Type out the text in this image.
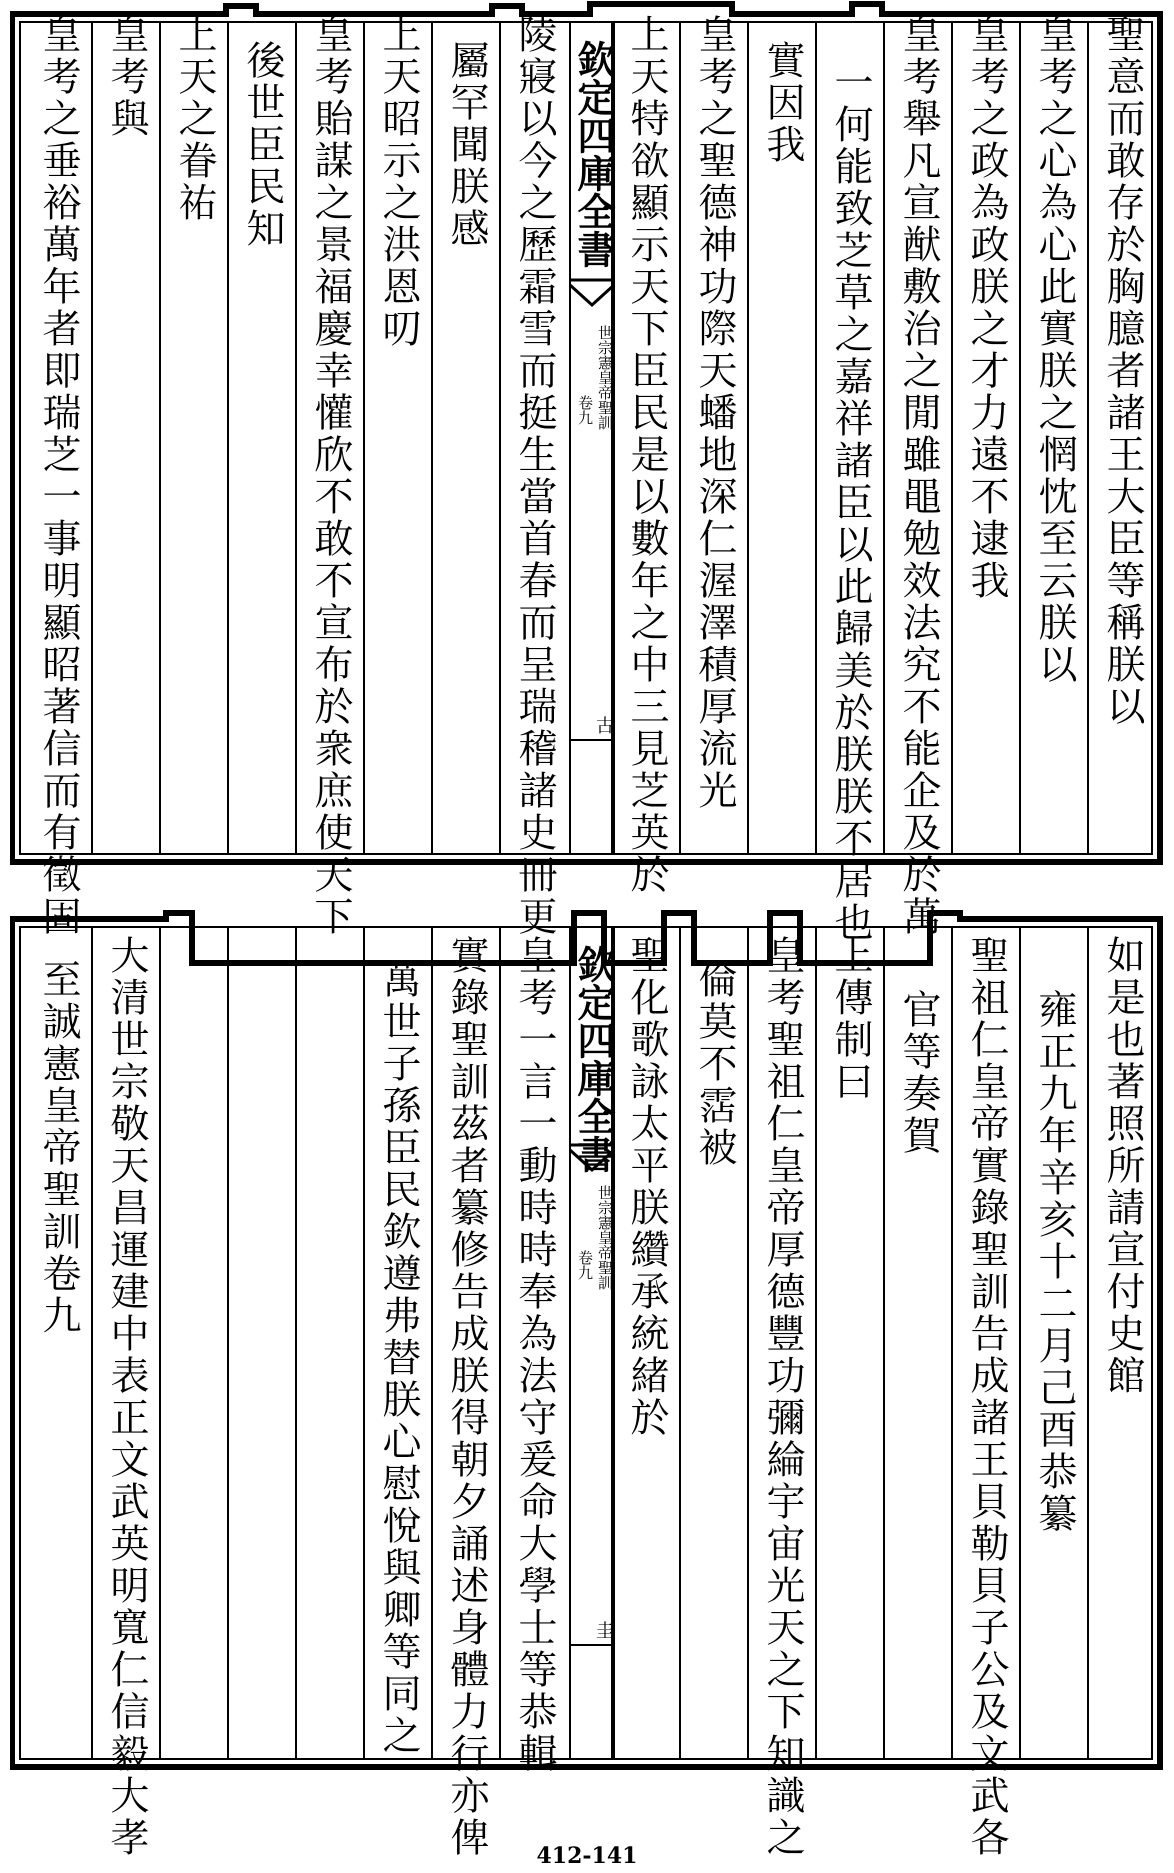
欽定四庫全書
世宗憲皇帝聖訓
卷九
古	聖意而敢存於胸臆者諸王大臣等稱朕以
皇考之心為心此實朕之惘忱至云朕以
皇考之政為政朕之才力遠不逮我
皇考舉凡宣猷敷治之閒雖黽勉效法究不能企及於萬
一何能致芝草之嘉祥諸臣以此歸美於朕朕不居也
實因我
皇考之聖德神功際天蟠地深仁渥澤積厚流光
上天特欲顯示天下臣民是以數年之中三見芝英於
陵寢以今之歷霜雪而挺生當首春而呈瑞稽諸史冊更
屬罕聞朕感
上天昭示之洪恩叨
皇考貽謀之景福慶幸懽欣不敢不宣布於衆庶使天下
後世臣民知
上天之眷祐
皇考與
皇考之垂裕萬年者即瑞芝一事明顯昭著信而有徵固
欽定四庫全書
世宗憲皇帝聖訓
卷九
圭
如是也著照所請宣付史館
雍正九年辛亥十二月己酉恭纂
聖祖仁皇帝實錄聖訓告成諸王貝勒貝子公及文武各
官等奏賀
上傳制曰
皇考聖祖仁皇帝厚德豐功彌綸宇宙光天之下知識之
倫莫不霑被
聖化歌詠太平朕纘承統緒於
皇考一言一動時時奉為法守爰命大學士等恭輯
實錄聖訓茲者纂修告成朕得朝夕誦述身體力行亦俾
萬世子孫臣民欽遵弗替朕心慰悅與卿等同之
大清世宗敬天昌運建中表正文武英明寬仁信毅大孝
至誠憲皇帝聖訓卷九
412-141
